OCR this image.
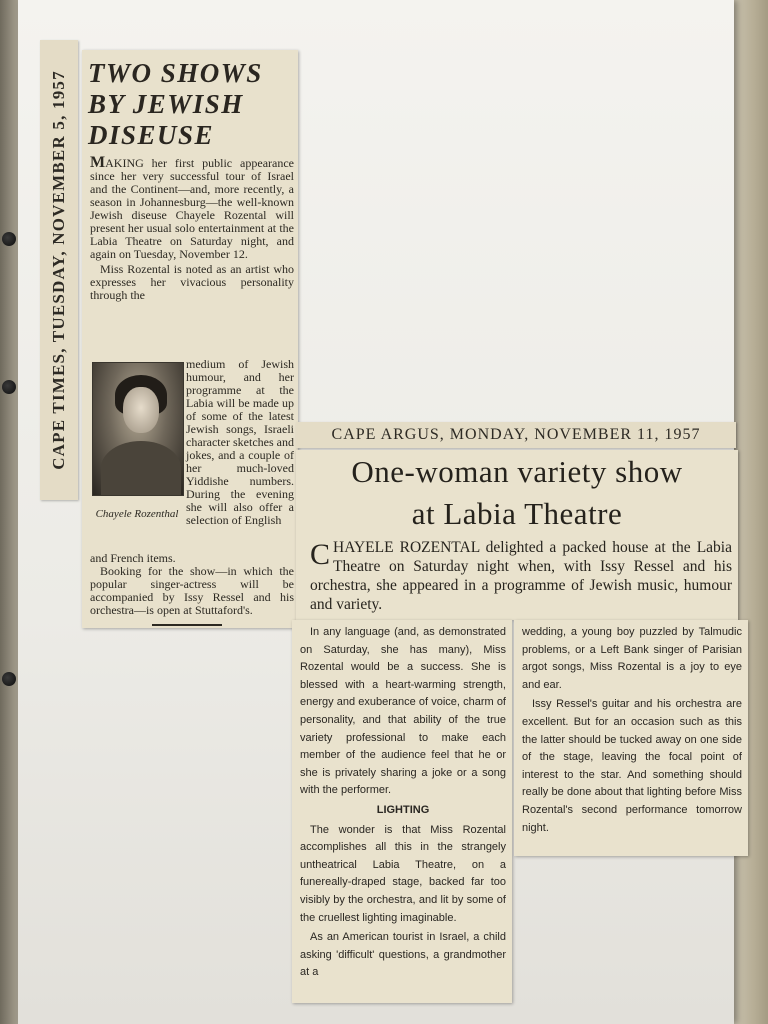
CAPE TIMES, TUESDAY, NOVEMBER 5, 1957 TWO SHOWS
BY JEWISH
DISEUSE

MAKING her first public appearance since her very successful tour of Israel and the Continent—and, more recently, a season in Johannesburg—the well-known Jewish diseuse Chayele Rozental will present her usual solo entertainment at the Labia Theatre on Saturday night, and again on Tuesday, November 12.

Miss Rozental is noted as an artist who expresses her vivacious personality through the

Chayele Rozenthal
medium of Jewish humour, and her programme at the Labia will be made up of some of the latest Jewish songs, Israeli character sketches and jokes, and a couple of her much-loved Yiddishe numbers. During the evening she will also offer a selection of English

and French items.

Booking for the show—in which the popular singer-actress will be accompanied by Issy Ressel and his orchestra—is open at Stuttaford's.

CAPE ARGUS, MONDAY, NOVEMBER 11, 1957
One-woman variety show
at Labia Theatre
CHAYELE ROZENTAL delighted a packed house at the Labia Theatre on Saturday night when, with Issy Ressel and his orchestra, she appeared in a programme of Jewish music, humour and variety.

In any language (and, as demonstrated on Saturday, she has many), Miss Rozental would be a success. She is blessed with a heart-warming strength, energy and exuberance of voice, charm of personality, and that ability of the true variety professional to make each member of the audience feel that he or she is privately sharing a joke or a song with the performer.

LIGHTING

The wonder is that Miss Rozental accomplishes all this in the strangely untheatrical Labia Theatre, on a funereally-draped stage, backed far too visibly by the orchestra, and lit by some of the cruellest lighting imaginable.

As an American tourist in Israel, a child asking 'difficult' questions, a grandmother at a

wedding, a young boy puzzled by Talmudic problems, or a Left Bank singer of Parisian argot songs, Miss Rozental is a joy to eye and ear.

Issy Ressel's guitar and his orchestra are excellent. But for an occasion such as this the latter should be tucked away on one side of the stage, leaving the focal point of interest to the star. And something should really be done about that lighting before Miss Rozental's second performance tomorrow night.
